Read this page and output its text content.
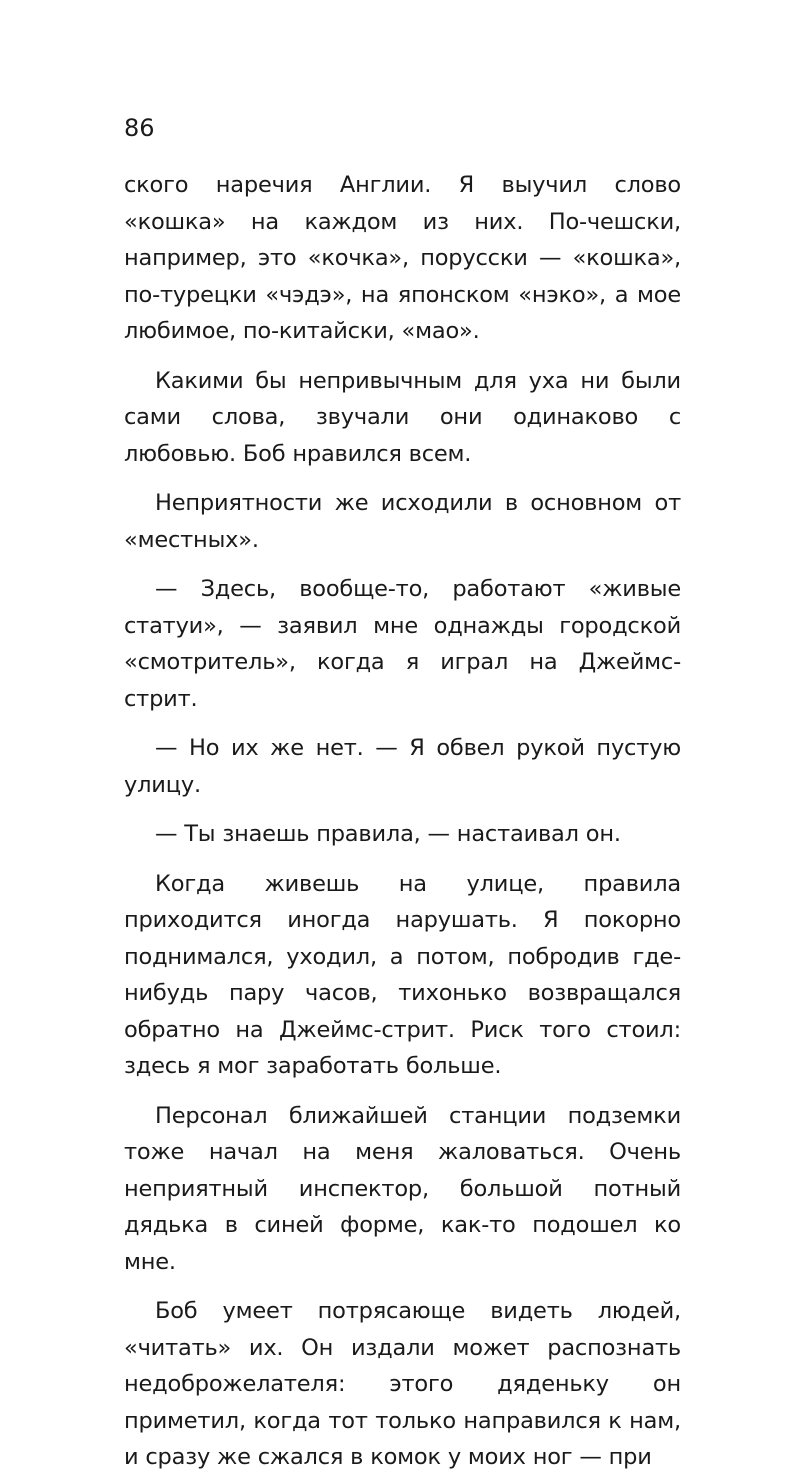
86

ского наречия Англии. Я выучил слово «кошка» на каждом из них. По-чешски, например, это «кочка», порусски — «кошка», по-турецки «чэдэ», на японском «нэко», а мое любимое, по-китайски, «мао».

Какими бы непривычным для уха ни были сами слова, звучали они одинаково с любовью. Боб нравился всем.

Неприятности же исходили в основном от «местных».

— Здесь, вообще-то, работают «живые статуи», — заявил мне однажды городской «смотритель», когда я играл на Джеймс-стрит.

— Но их же нет. — Я обвел рукой пустую улицу.

— Ты знаешь правила, — настаивал он.

Когда живешь на улице, правила приходится иногда нарушать. Я покорно поднимался, уходил, а потом, побродив где-нибудь пару часов, тихонько возвращался обратно на Джеймс-стрит. Риск того стоил: здесь я мог заработать больше.

Персонал ближайшей станции подземки тоже начал на меня жаловаться. Очень неприятный инспектор, большой потный дядька в синей форме, как-то подошел ко мне.

Боб умеет потрясающе видеть людей, «читать» их. Он издали может распознать недоброжелателя: этого дяденьку он приметил, когда тот только направился к нам, и сразу же сжался в комок у моих ног — при
